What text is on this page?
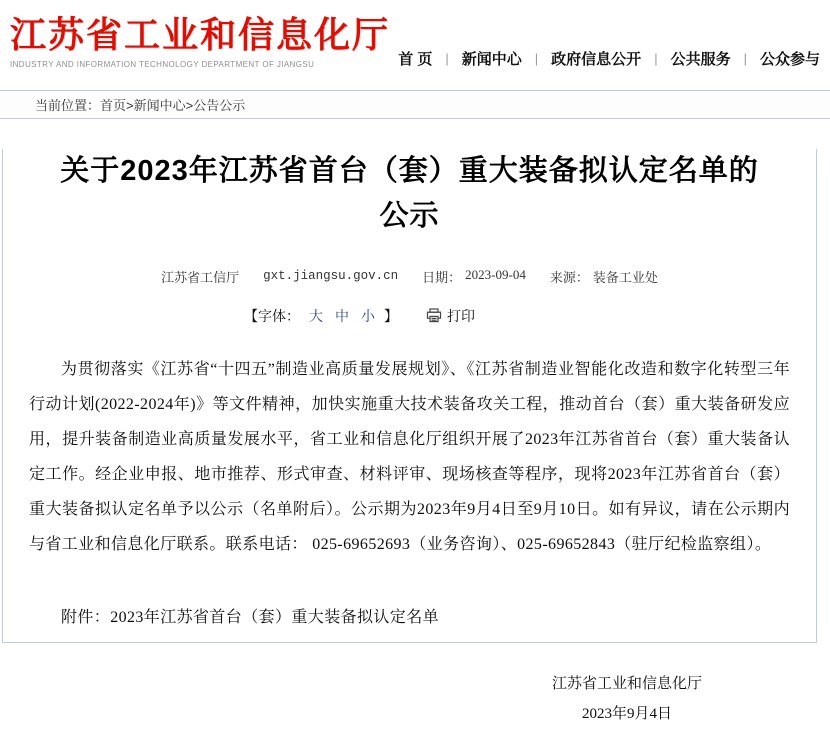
江苏省工业和信息化厅
INDUSTRY AND INFORMATION TECHNOLOGY DEPARTMENT OF JIANGSU	首 页 | 新闻中心 | 政府信息公开 | 公共服务 | 公众参与
当前位置： 首页>新闻中心>公告公示
关于2023年江苏省首台（套）重大装备拟认定名单的公示
江苏省工信厅 gxt.jiangsu.gov.cn 日期： 2023-09-04 来源： 装备工业处
【字体： 大 中 小 】	打印

为贯彻落实《江苏省“十四五”制造业高质量发展规划》、《江苏省制造业智能化改造和数字化转型三年行动计划(2022-2024年)》等文件精神，加快实施重大技术装备攻关工程，推动首台（套）重大装备研发应用，提升装备制造业高质量发展水平，省工业和信息化厅组织开展了2023年江苏省首台（套）重大装备认定工作。经企业申报、地市推荐、形式审查、材料评审、现场核查等程序，现将2023年江苏省首台（套）重大装备拟认定名单予以公示（名单附后）。公示期为2023年9月4日至9月10日。如有异议，请在公示期内与省工业和信息化厅联系。联系电话： 025-69652693（业务咨询）、025-69652843（驻厅纪检监察组）。

附件：2023年江苏省首台（套）重大装备拟认定名单

江苏省工业和信息化厅
2023年9月4日
